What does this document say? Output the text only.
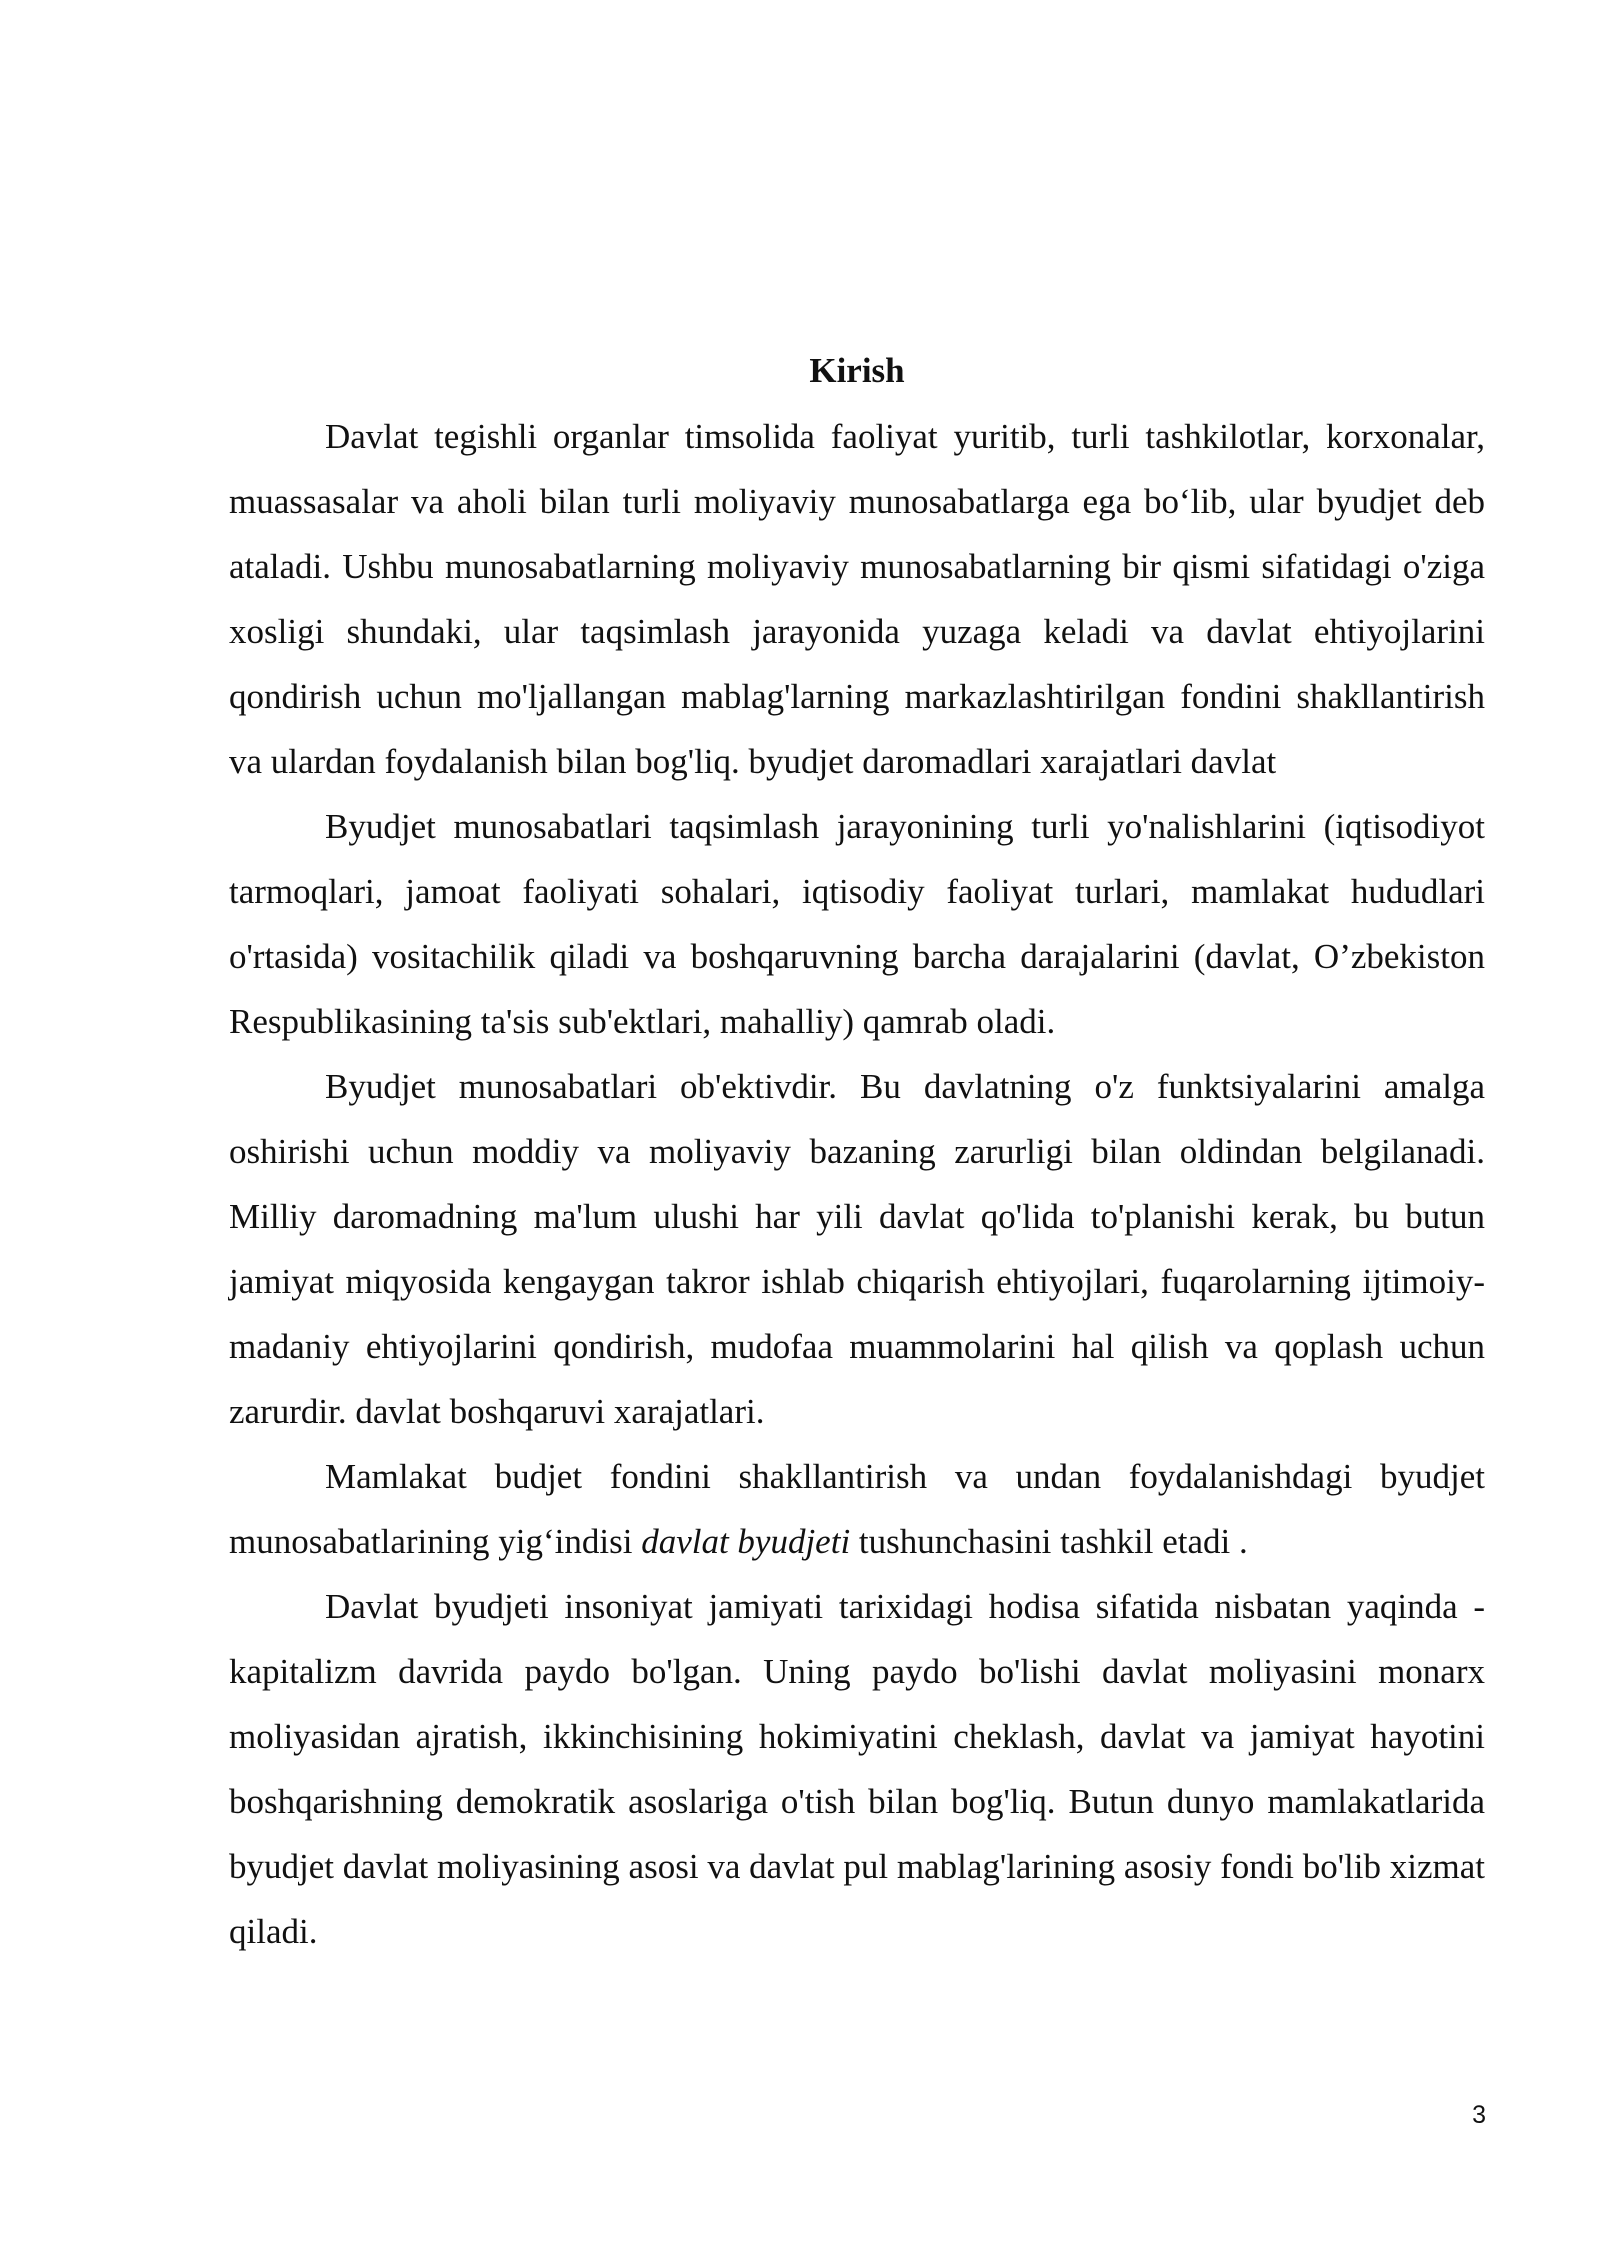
Kirish

Davlat tegishli organlar timsolida faoliyat yuritib, turli tashkilotlar, korxonalar, muassasalar va aholi bilan turli moliyaviy munosabatlarga ega bo‘lib, ular byudjet deb ataladi. Ushbu munosabatlarning moliyaviy munosabatlarning bir qismi sifatidagi o'ziga xosligi shundaki, ular taqsimlash jarayonida yuzaga keladi va davlat ehtiyojlarini qondirish uchun mo'ljallangan mablag'larning markazlashtirilgan fondini shakllantirish va ulardan foydalanish bilan bog'liq. byudjet daromadlari xarajatlari davlat

Byudjet munosabatlari taqsimlash jarayonining turli yo'nalishlarini (iqtisodiyot tarmoqlari, jamoat faoliyati sohalari, iqtisodiy faoliyat turlari, mamlakat hududlari o'rtasida) vositachilik qiladi va boshqaruvning barcha darajalarini (davlat, O’zbekiston Respublikasining ta'sis sub'ektlari, mahalliy) qamrab oladi.

Byudjet munosabatlari ob'ektivdir. Bu davlatning o'z funktsiyalarini amalga oshirishi uchun moddiy va moliyaviy bazaning zarurligi bilan oldindan belgilanadi. Milliy daromadning ma'lum ulushi har yili davlat qo'lida to'planishi kerak, bu butun jamiyat miqyosida kengaygan takror ishlab chiqarish ehtiyojlari, fuqarolarning ijtimoiy-madaniy ehtiyojlarini qondirish, mudofaa muammolarini hal qilish va qoplash uchun zarurdir. davlat boshqaruvi xarajatlari.

Mamlakat budjet fondini shakllantirish va undan foydalanishdagi byudjet munosabatlarining yig‘indisi davlat byudjeti tushunchasini tashkil etadi .

Davlat byudjeti insoniyat jamiyati tarixidagi hodisa sifatida nisbatan yaqinda - kapitalizm davrida paydo bo'lgan. Uning paydo bo'lishi davlat moliyasini monarx moliyasidan ajratish, ikkinchisining hokimiyatini cheklash, davlat va jamiyat hayotini boshqarishning demokratik asoslariga o'tish bilan bog'liq. Butun dunyo mamlakatlarida byudjet davlat moliyasining asosi va davlat pul mablag'larining asosiy fondi bo'lib xizmat qiladi.

3
